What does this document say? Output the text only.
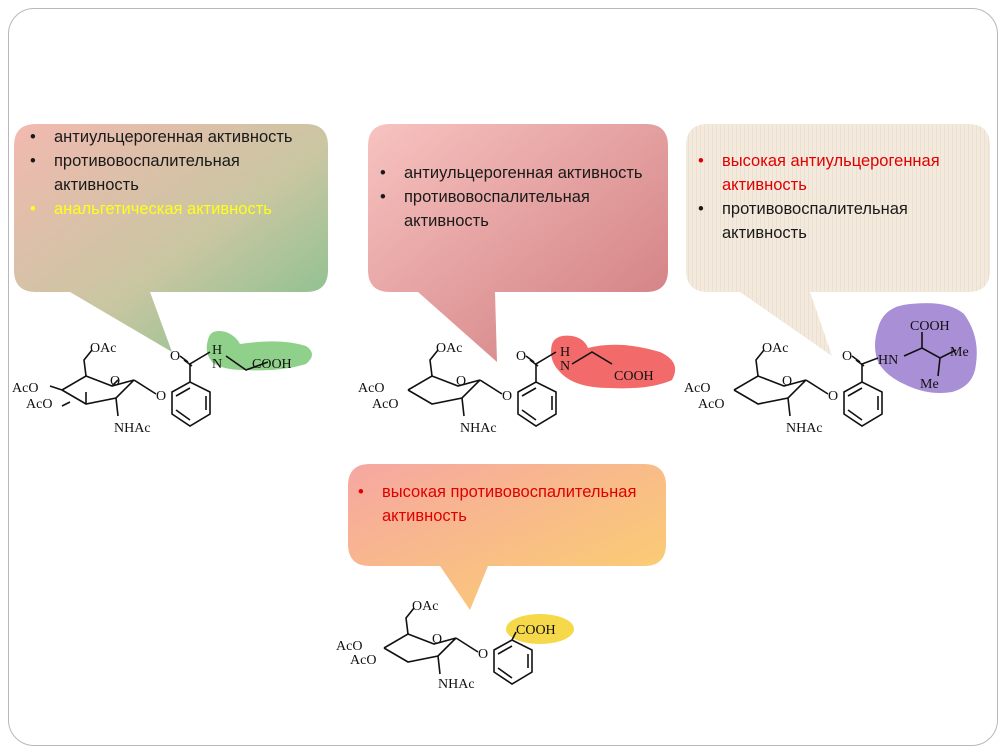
OAc
AcO
AcO
O
O
O
NHAc
H
N COOH
OAc
AcO
AcO
O
O
O
NHAc
H
N
COOH
OAc
AcO
AcO
O
O
O
NHAc
HN
COOH
Me
Me
OAc
AcO
AcO
O
O
NHAc
COOH
• антиульцерогенная активность
• противовоспалительная активность
• анальгетическая активность
• антиульцерогенная активность
• противовоспалительная активность
• высокая антиульцерогенная активность
• противовоспалительная активность
• высокая противовоспалительная активность
